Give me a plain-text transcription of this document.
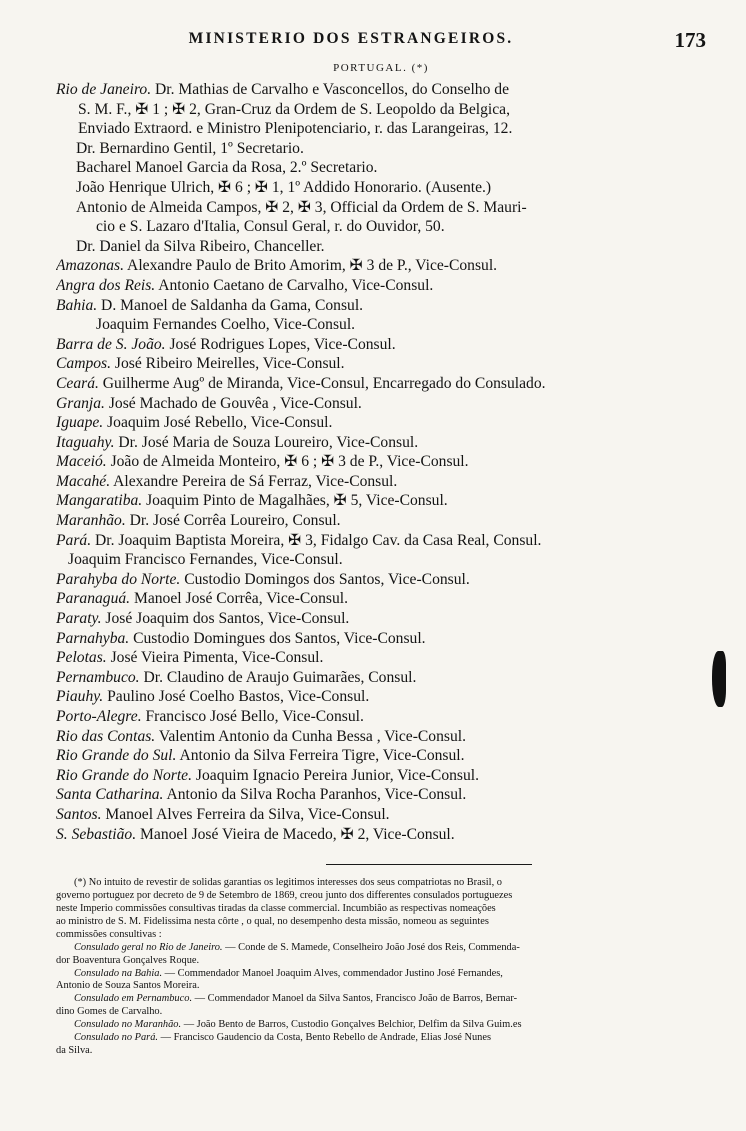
MINISTERIO DOS ESTRANGEIROS.	173
PORTUGAL. (*)
Rio de Janeiro. Dr. Mathias de Carvalho e Vasconcellos, do Conselho de
S. M. F., ✠ 1 ; ✠ 2, Gran-Cruz da Ordem de S. Leopoldo da Belgica,
Enviado Extraord. e Ministro Plenipotenciario, r. das Larangeiras, 12.
Dr. Bernardino Gentil, 1º Secretario.
Bacharel Manoel Garcia da Rosa, 2.º Secretario.
João Henrique Ulrich, ✠ 6 ; ✠ 1, 1º Addido Honorario. (Ausente.)
Antonio de Almeida Campos, ✠ 2, ✠ 3, Official da Ordem de S. Mauri-
cio e S. Lazaro d'Italia, Consul Geral, r. do Ouvidor, 50.
Dr. Daniel da Silva Ribeiro, Chanceller.
Amazonas. Alexandre Paulo de Brito Amorim, ✠ 3 de P., Vice-Consul.
Angra dos Reis. Antonio Caetano de Carvalho, Vice-Consul.
Bahia. D. Manoel de Saldanha da Gama, Consul.
Joaquim Fernandes Coelho, Vice-Consul.
Barra de S. João. José Rodrigues Lopes, Vice-Consul.
Campos. José Ribeiro Meirelles, Vice-Consul.
Ceará. Guilherme Augº de Miranda, Vice-Consul, Encarregado do Consulado.
Granja. José Machado de Gouvêa , Vice-Consul.
Iguape. Joaquim José Rebello, Vice-Consul.
Itaguahy. Dr. José Maria de Souza Loureiro, Vice-Consul.
Maceió. João de Almeida Monteiro, ✠ 6 ; ✠ 3 de P., Vice-Consul.
Macahé. Alexandre Pereira de Sá Ferraz, Vice-Consul.
Mangaratiba. Joaquim Pinto de Magalhães, ✠ 5, Vice-Consul.
Maranhão. Dr. José Corrêa Loureiro, Consul.
Pará. Dr. Joaquim Baptista Moreira, ✠ 3, Fidalgo Cav. da Casa Real, Consul.
Joaquim Francisco Fernandes, Vice-Consul.
Parahyba do Norte. Custodio Domingos dos Santos, Vice-Consul.
Paranaguá. Manoel José Corrêa, Vice-Consul.
Paraty. José Joaquim dos Santos, Vice-Consul.
Parnahyba. Custodio Domingues dos Santos, Vice-Consul.
Pelotas. José Vieira Pimenta, Vice-Consul.
Pernambuco. Dr. Claudino de Araujo Guimarães, Consul.
Piauhy. Paulino José Coelho Bastos, Vice-Consul.
Porto-Alegre. Francisco José Bello, Vice-Consul.
Rio das Contas. Valentim Antonio da Cunha Bessa , Vice-Consul.
Rio Grande do Sul. Antonio da Silva Ferreira Tigre, Vice-Consul.
Rio Grande do Norte. Joaquim Ignacio Pereira Junior, Vice-Consul.
Santa Catharina. Antonio da Silva Rocha Paranhos, Vice-Consul.
Santos. Manoel Alves Ferreira da Silva, Vice-Consul.
S. Sebastião. Manoel José Vieira de Macedo, ✠ 2, Vice-Consul.
(*) No intuito de revestir de solidas garantias os legitimos interesses dos seus compatriotas no Brasil, o
governo portuguez por decreto de 9 de Setembro de 1869, creou junto dos differentes consulados portuguezes
neste Imperio commissões consultivas tiradas da classe commercial. Incumbião as respectivas nomeações
ao ministro de S. M. Fidelissima nesta côrte , o qual, no desempenho desta missão, nomeou as seguintes
commissões consultivas :
Consulado geral no Rio de Janeiro. — Conde de S. Mamede, Conselheiro João José dos Reis, Commenda-
dor Boaventura Gonçalves Roque.
Consulado na Bahia. — Commendador Manoel Joaquim Alves, commendador Justino José Fernandes,
Antonio de Souza Santos Moreira.
Consulado em Pernambuco. — Commendador Manoel da Silva Santos, Francisco João de Barros, Bernar-
dino Gomes de Carvalho.
Consulado no Maranhão. — João Bento de Barros, Custodio Gonçalves Belchior, Delfim da Silva Guim.es
Consulado no Pará. — Francisco Gaudencio da Costa, Bento Rebello de Andrade, Elias José Nunes
da Silva.
